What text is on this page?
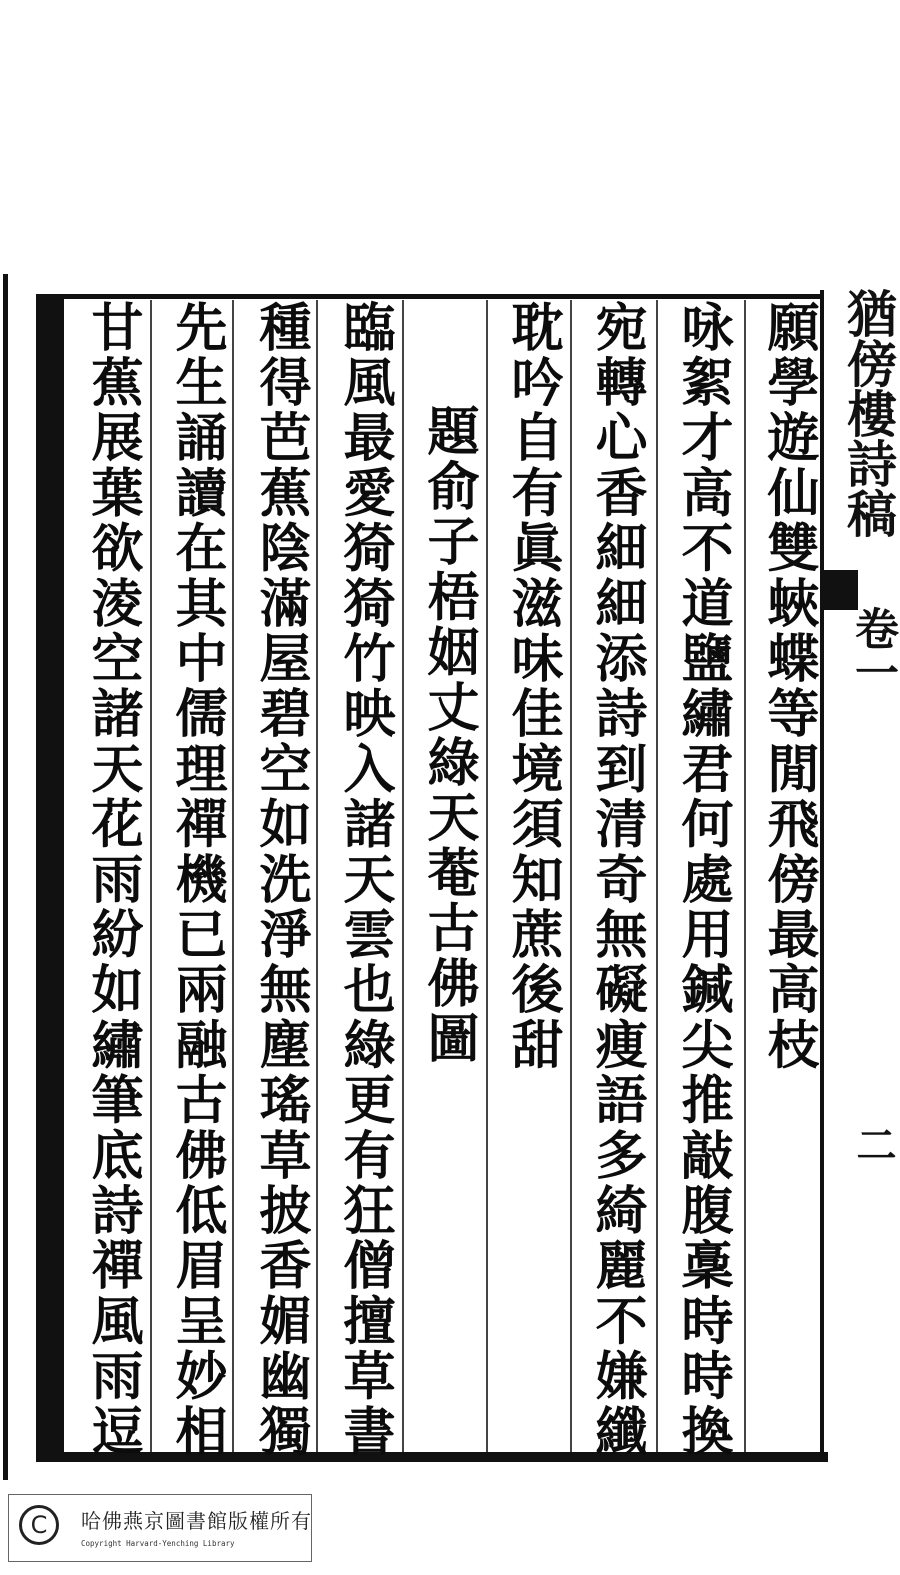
願學遊仙雙蛺蝶等閒飛傍最高枝
咏絮才高不道鹽繡君何處用鍼尖推敲腹稾時時換
宛轉心香細細添詩到清奇無礙痩語多綺麗不嫌纖
耽吟自有眞滋味佳境須知蔗後甜
題俞子梧姻丈綠天菴古佛圖
臨風最愛猗猗竹映入諸天雲也綠更有狂僧擅草書
種得芭蕉陰滿屋碧空如洗淨無塵瑤草披香媚幽獨
先生誦讀在其中儒理禪機已兩融古佛低眉呈妙相
甘蕉展葉欲淩空諸天花雨紛如繡筆底詩禪風雨逗	猶傍樓詩稿
卷一
二
C	哈佛燕京圖書館版權所有
Copyright Harvard-Yenching Library
